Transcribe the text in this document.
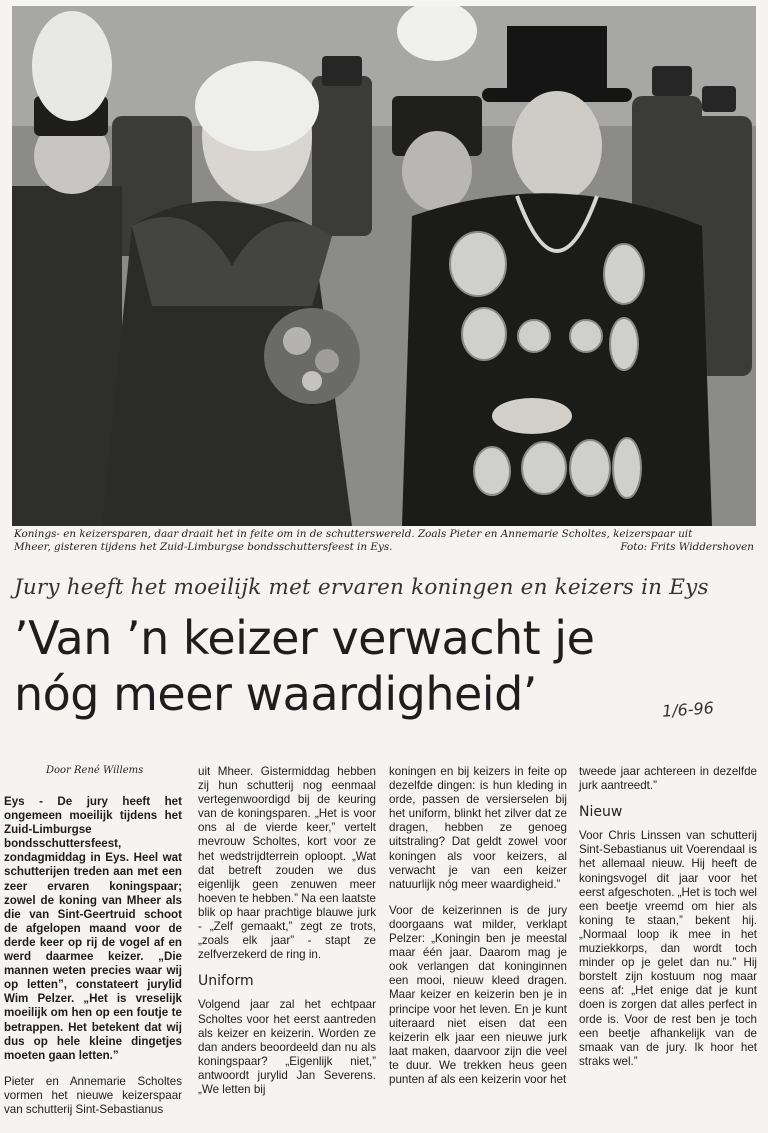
Konings- en keizersparen, daar draait het in feite om in de schutterswereld. Zoals Pieter en Annemarie Scholtes, keizerspaar uit
Mheer, gisteren tijdens het Zuid-Limburgse bondsschuttersfeest in Eys.	Foto: Frits Widdershoven
Jury heeft het moeilijk met ervaren koningen en keizers in Eys
’Van ’n keizer verwacht je
nóg meer waardigheid’	1/6-96
Door René Willems

Eys - De jury heeft het ongemeen moeilijk tijdens het Zuid-Limburgse bondsschuttersfeest, zondagmiddag in Eys. Heel wat schutterijen treden aan met een zeer ervaren koningspaar; zowel de koning van Mheer als die van Sint-Geertruid schoot de afgelopen maand voor de derde keer op rij de vogel af en werd daarmee keizer. „Die mannen weten precies waar wij op letten”, constateert jurylid Wim Pelzer. „Het is vreselijk moeilijk om hen op een foutje te betrappen. Het betekent dat wij dus op hele kleine dingetjes moeten gaan letten.”

Pieter en Annemarie Scholtes vormen het nieuwe keizerspaar van schutterij Sint-Sebastianus

uit Mheer. Gistermiddag hebben zij hun schutterij nog eenmaal vertegenwoordigd bij de keuring van de koningsparen. „Het is voor ons al de vierde keer,” vertelt mevrouw Scholtes, kort voor ze het wedstrijdterrein oploopt. „Wat dat betreft zouden we dus eigenlijk geen zenuwen meer hoeven te hebben.” Na een laatste blik op haar prachtige blauwe jurk - „Zelf gemaakt,” zegt ze trots, „zoals elk jaar” - stapt ze zelfverzekerd de ring in.

Uniform

Volgend jaar zal het echtpaar Scholtes voor het eerst aantreden als keizer en keizerin. Worden ze dan anders beoordeeld dan nu als koningspaar? „Eigenlijk niet,” antwoordt jurylid Jan Severens. „We letten bij

koningen en bij keizers in feite op dezelfde dingen: is hun kleding in orde, passen de versierselen bij het uniform, blinkt het zilver dat ze dragen, hebben ze genoeg uitstraling? Dat geldt zowel voor koningen als voor keizers, al verwacht je van een keizer natuurlijk nóg meer waardigheid.”

Voor de keizerinnen is de jury doorgaans wat milder, verklapt Pelzer: „Koningin ben je meestal maar één jaar. Daarom mag je ook verlangen dat koninginnen een mooi, nieuw kleed dragen. Maar keizer en keizerin ben je in principe voor het leven. En je kunt uiteraard niet eisen dat een keizerin elk jaar een nieuwe jurk laat maken, daarvoor zijn die veel te duur. We trekken heus geen punten af als een keizerin voor het

tweede jaar achtereen in dezelfde jurk aantreedt.”

Nieuw

Voor Chris Linssen van schutterij Sint-Sebastianus uit Voerendaal is het allemaal nieuw. Hij heeft de koningsvogel dit jaar voor het eerst afgeschoten. „Het is toch wel een beetje vreemd om hier als koning te staan,” bekent hij. „Normaal loop ik mee in het muziekkorps, dan wordt toch minder op je gelet dan nu.” Hij borstelt zijn kostuum nog maar eens af: „Het enige dat je kunt doen is zorgen dat alles perfect in orde is. Voor de rest ben je toch een beetje afhankelijk van de smaak van de jury. Ik hoor het straks wel.”
